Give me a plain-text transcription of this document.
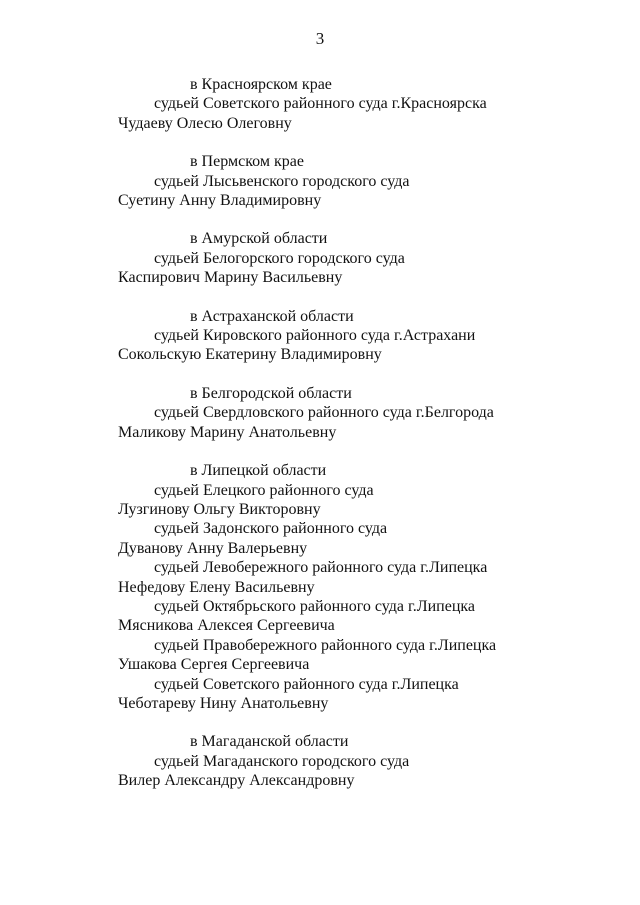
3
в Красноярском крае
судьей Советского районного суда г.Красноярска
Чудаеву Олесю Олеговну
в Пермском крае
судьей Лысьвенского городского суда
Суетину Анну Владимировну
в Амурской области
судьей Белогорского городского суда
Каспирович Марину Васильевну
в Астраханской области
судьей Кировского районного суда г.Астрахани
Сокольскую Екатерину Владимировну
в Белгородской области
судьей Свердловского районного суда г.Белгорода
Маликову Марину Анатольевну
в Липецкой области
судьей Елецкого районного суда
Лузгинову Ольгу Викторовну
судьей Задонского районного суда
Дуванову Анну Валерьевну
судьей Левобережного районного суда г.Липецка
Нефедову Елену Васильевну
судьей Октябрьского районного суда г.Липецка
Мясникова Алексея Сергеевича
судьей Правобережного районного суда г.Липецка
Ушакова Сергея Сергеевича
судьей Советского районного суда г.Липецка
Чеботареву Нину Анатольевну
в Магаданской области
судьей Магаданского городского суда
Вилер Александру Александровну
